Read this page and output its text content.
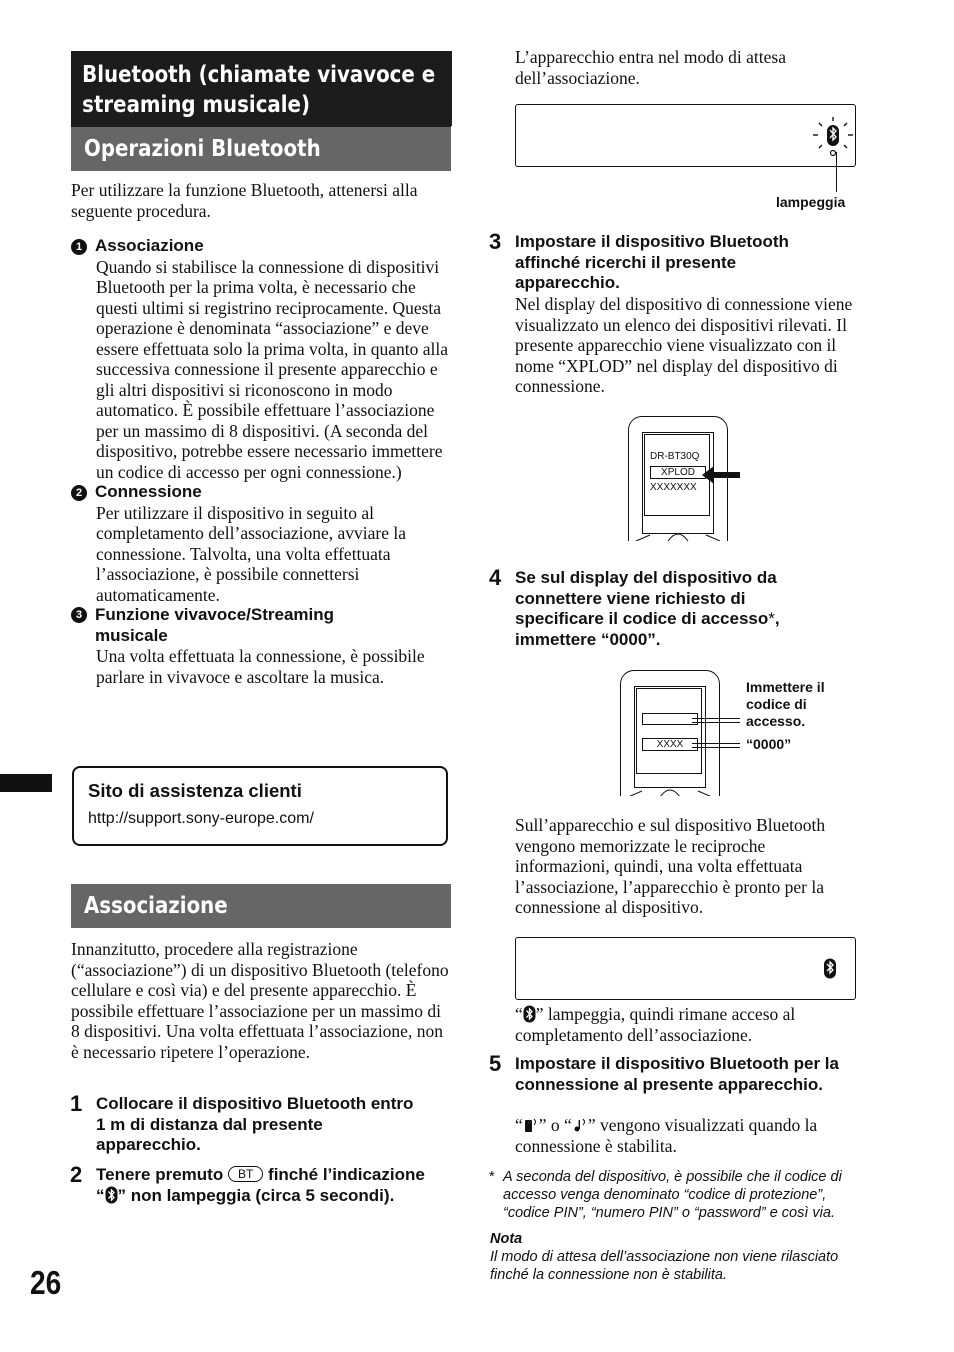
Bluetooth (chiamate vivavoce e streaming musicale)
Operazioni Bluetooth
Per utilizzare la funzione Bluetooth, attenersi alla seguente procedura.
1 Associazione
Quando si stabilisce la connessione di dispositivi Bluetooth per la prima volta, è necessario che questi ultimi si registrino reciprocamente. Questa operazione è denominata “associazione” e deve essere effettuata solo la prima volta, in quanto alla successiva connessione il presente apparecchio e gli altri dispositivi si riconoscono in modo automatico. È possibile effettuare l’associazione per un massimo di 8 dispositivi. (A seconda del dispositivo, potrebbe essere necessario immettere un codice di accesso per ogni connessione.)
2 Connessione
Per utilizzare il dispositivo in seguito al completamento dell’associazione, avviare la connessione. Talvolta, una volta effettuata l’associazione, è possibile connettersi automaticamente.
3 Funzione vivavoce/Streaming musicale
Una volta effettuata la connessione, è possibile parlare in vivavoce e ascoltare la musica.
Sito di assistenza clienti
http://support.sony-europe.com/
Associazione
Innanzitutto, procedere alla registrazione (“associazione”) di un dispositivo Bluetooth (telefono cellulare e così via) e del presente apparecchio. È possibile effettuare l’associazione per un massimo di 8 dispositivi. Una volta effettuata l’associazione, non è necessario ripetere l’operazione.
1 Collocare il dispositivo Bluetooth entro 1 m di distanza dal presente apparecchio.
2 Tenere premuto BT finché l’indicazione “ ” non lampeggia (circa 5 secondi).
26
L’apparecchio entra nel modo di attesa dell’associazione.
lampeggia
3 Impostare il dispositivo Bluetooth affinché ricerchi il presente apparecchio.
Nel display del dispositivo di connessione viene visualizzato un elenco dei dispositivi rilevati. Il presente apparecchio viene visualizzato con il nome “XPLOD” nel display del dispositivo di connessione.
DR-BT30Q
XPLOD
XXXXXXX
4 Se sul display del dispositivo da connettere viene richiesto di specificare il codice di accesso*, immettere “0000”.
XXXX
Immettere il codice di accesso.
“0000”
Sull’apparecchio e sul dispositivo Bluetooth vengono memorizzate le reciproche informazioni, quindi, una volta effettuata l’associazione, l’apparecchio è pronto per la connessione al dispositivo.
“ ” lampeggia, quindi rimane acceso al completamento dell’associazione.
5 Impostare il dispositivo Bluetooth per la connessione al presente apparecchio.
“ ” o “ ” vengono visualizzati quando la connessione è stabilita.
* A seconda del dispositivo, è possibile che il codice di accesso venga denominato “codice di protezione”, “codice PIN”, “numero PIN” o “password” e così via.
Nota
Il modo di attesa dell’associazione non viene rilasciato finché la connessione non è stabilita.
